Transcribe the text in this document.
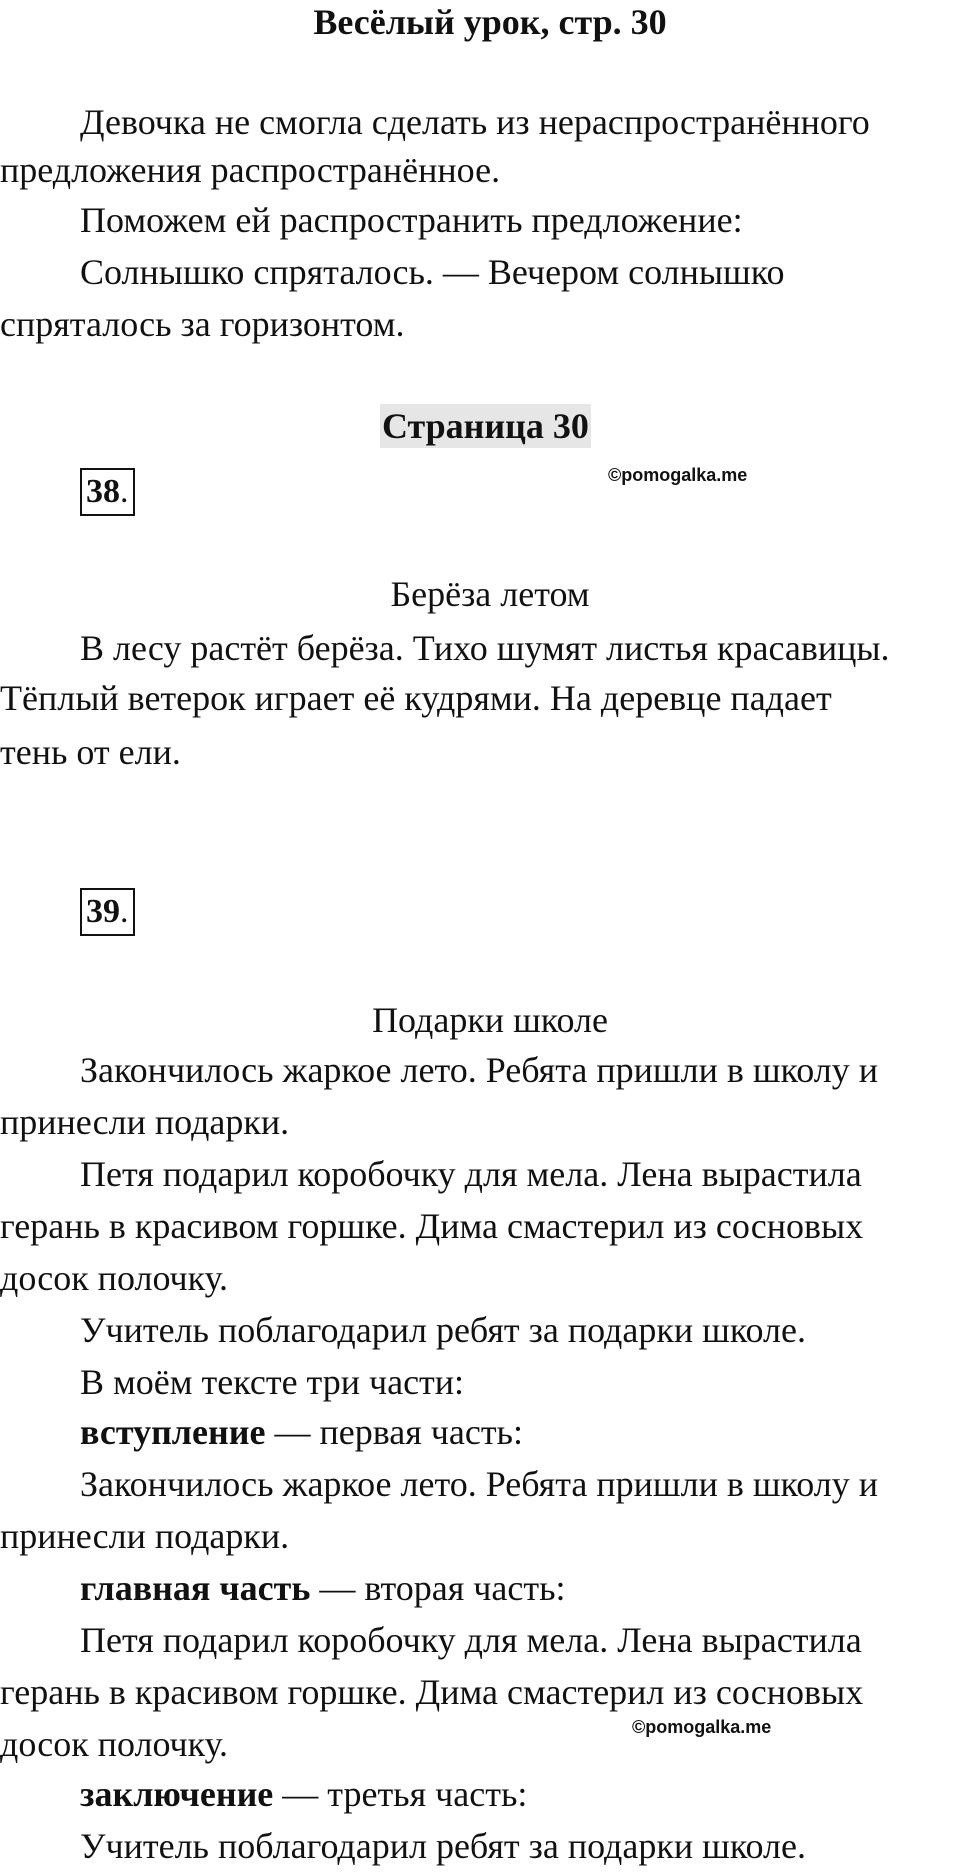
Весёлый урок, стр. 30
Девочка не смогла сделать из нераспространённого
предложения распространённое.
Поможем ей распространить предложение:
Солнышко спряталось. — Вечером солнышко
спряталось за горизонтом.
Страница 30
38.	©pomogalka.me
Берёза летом
В лесу растёт берёза. Тихо шумят листья красавицы.
Тёплый ветерок играет её кудрями. На деревце падает
тень от ели.
39.
Подарки школе
Закончилось жаркое лето. Ребята пришли в школу и
принесли подарки.
Петя подарил коробочку для мела. Лена вырастила
герань в красивом горшке. Дима смастерил из сосновых
досок полочку.
Учитель поблагодарил ребят за подарки школе.
В моём тексте три части:
вступление — первая часть:
Закончилось жаркое лето. Ребята пришли в школу и
принесли подарки.
главная часть — вторая часть:
Петя подарил коробочку для мела. Лена вырастила
герань в красивом горшке. Дима смастерил из сосновых
©pomogalka.me
досок полочку.
заключение — третья часть:
Учитель поблагодарил ребят за подарки школе.
